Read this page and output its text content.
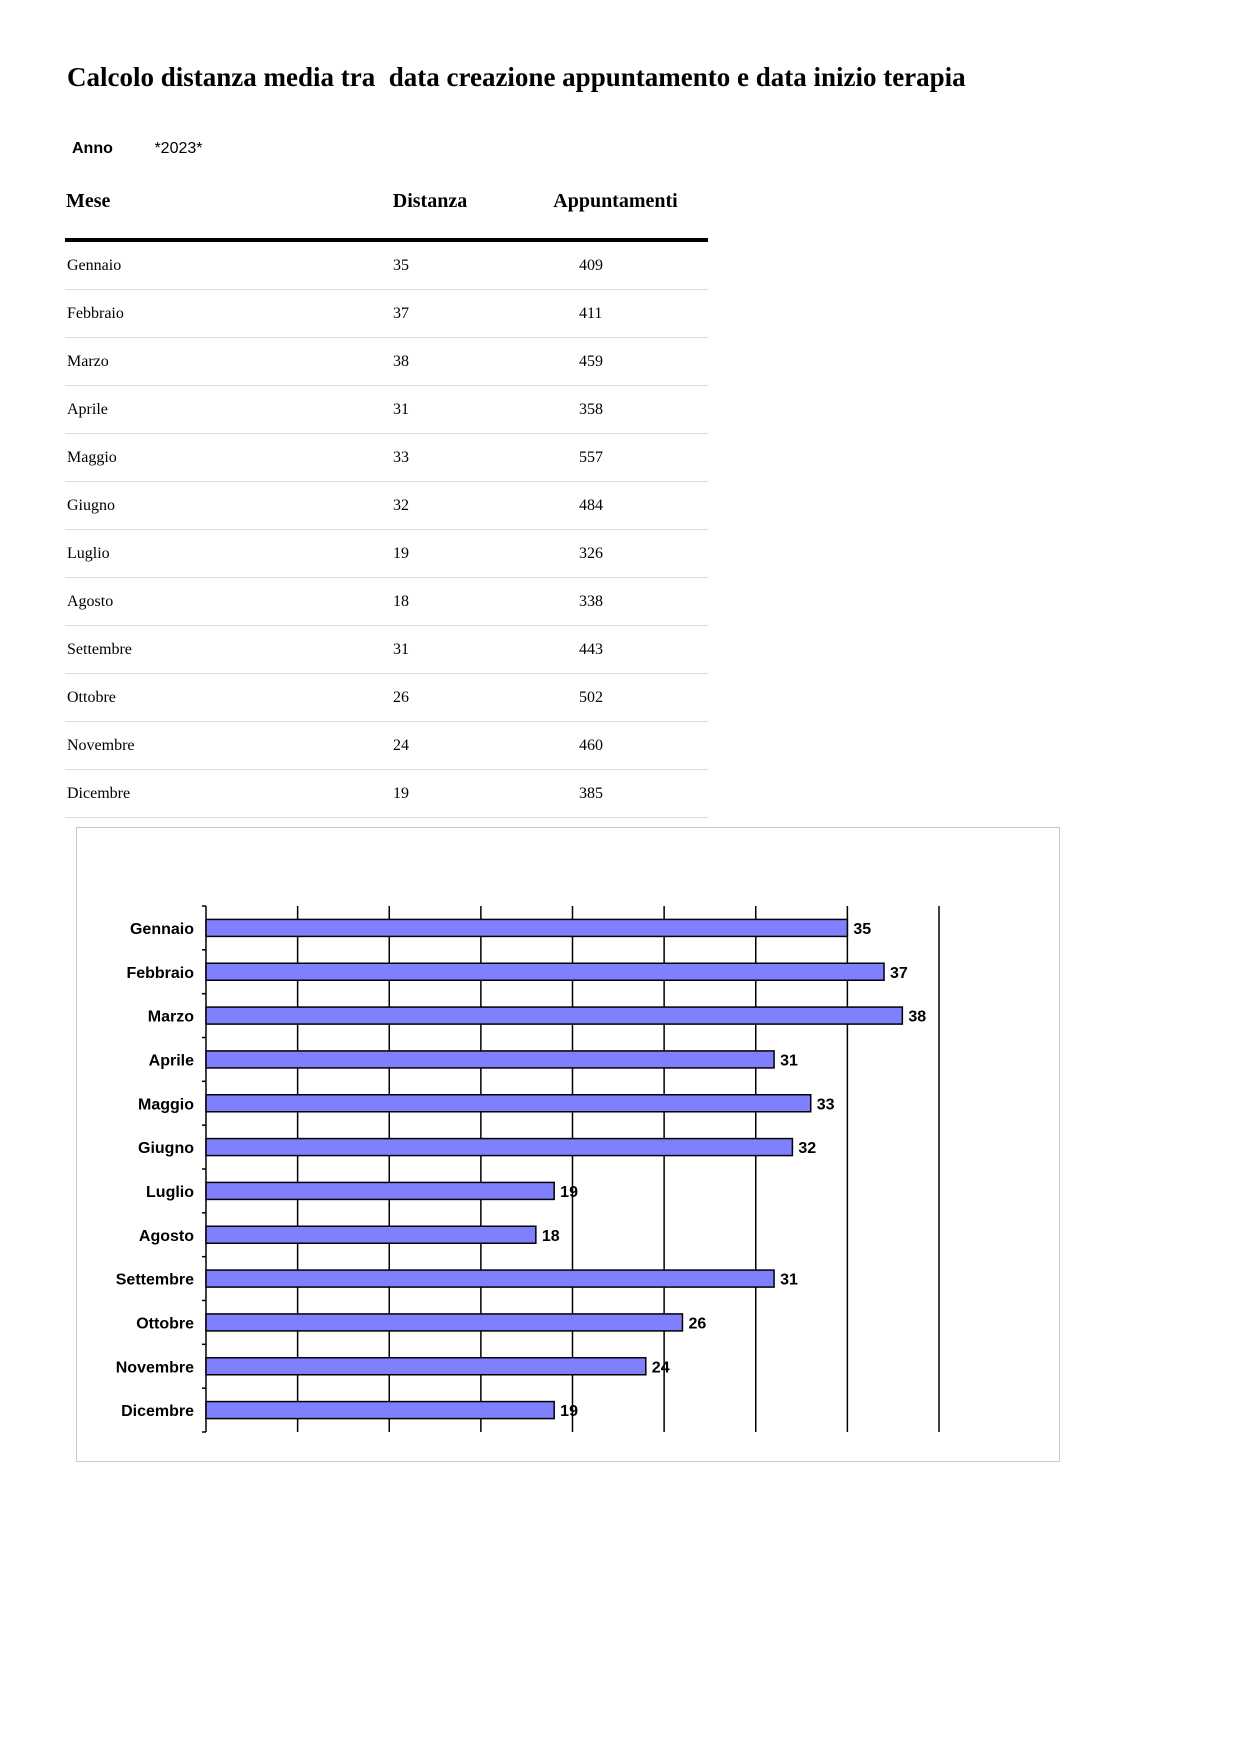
Calcolo distanza media tra  data creazione appuntamento e data inizio terapia
Anno	*2023*
Mese	Distanza	Appuntamenti
Gennaio	35	409
Febbraio	37	411
Marzo	38	459
Aprile	31	358
Maggio	33	557
Giugno	32	484
Luglio	19	326
Agosto	18	338
Settembre	31	443
Ottobre	26	502
Novembre	24	460
Dicembre	19	385
Gennaio	35
Febbraio	37
Marzo	38
Aprile	31
Maggio	33
Giugno	32
Luglio	19
Agosto	18
Settembre	31
Ottobre	26
Novembre	24
Dicembre	19
